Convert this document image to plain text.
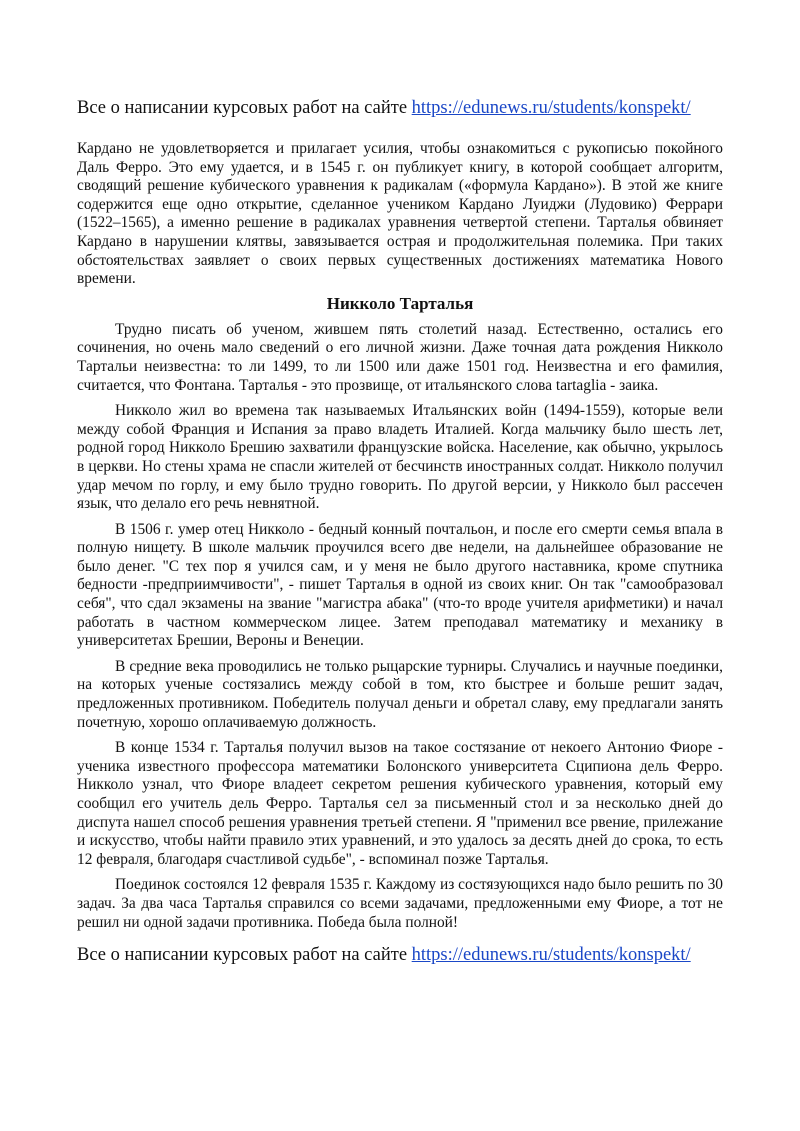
Все о написании курсовых работ на сайте https://edunews.ru/students/konspekt/

Кардано не удовлетворяется и прилагает усилия, чтобы ознакомиться с рукописью покойного Даль Ферро. Это ему удается, и в 1545 г. он публикует книгу, в которой сообщает алгоритм, сводящий решение кубического уравнения к радикалам («формула Кардано»). В этой же книге содержится еще одно открытие, сделанное учеником Кардано Луиджи (Лудовико) Феррари (1522–1565), а именно решение в радикалах уравнения четвертой степени. Тарталья обвиняет Кардано в нарушении клятвы, завязывается острая и продолжительная полемика. При таких обстоятельствах заявляет о своих первых существенных достижениях математика Нового времени.

Никколо Тарталья

Трудно писать об ученом, жившем пять столетий назад. Естественно, остались его сочинения, но очень мало сведений о его личной жизни. Даже точная дата рождения Никколо Тартальи неизвестна: то ли 1499, то ли 1500 или даже 1501 год. Неизвестна и его фамилия, считается, что Фонтана. Тарталья - это прозвище, от итальянского слова tartaglia - заика.

Никколо жил во времена так называемых Итальянских войн (1494-1559), которые вели между собой Франция и Испания за право владеть Италией. Когда мальчику было шесть лет, родной город Никколо Брешию захватили французские войска. Население, как обычно, укрылось в церкви. Но стены храма не спасли жителей от бесчинств иностранных солдат. Никколо получил удар мечом по горлу, и ему было трудно говорить. По другой версии, у Никколо был рассечен язык, что делало его речь невнятной.

В 1506 г. умер отец Никколо - бедный конный почтальон, и после его смерти семья впала в полную нищету. В школе мальчик проучился всего две недели, на дальнейшее образование не было денег. "С тех пор я учился сам, и у меня не было другого наставника, кроме спутника бедности -предприимчивости", - пишет Тарталья в одной из своих книг. Он так "самообразовал себя", что сдал экзамены на звание "магистра абака" (что-то вроде учителя арифметики) и начал работать в частном коммерческом лицее. Затем преподавал математику и механику в университетах Брешии, Вероны и Венеции.

В средние века проводились не только рыцарские турниры. Случались и научные поединки, на которых ученые состязались между собой в том, кто быстрее и больше решит задач, предложенных противником. Победитель получал деньги и обретал славу, ему предлагали занять почетную, хорошо оплачиваемую должность.

В конце 1534 г. Тарталья получил вызов на такое состязание от некоего Антонио Фиоре - ученика известного профессора математики Болонского университета Сципиона дель Ферро. Никколо узнал, что Фиоре владеет секретом решения кубического уравнения, который ему сообщил его учитель дель Ферро. Тарталья сел за письменный стол и за несколько дней до диспута нашел способ решения уравнения третьей степени. Я "применил все рвение, прилежание и искусство, чтобы найти правило этих уравнений, и это удалось за десять дней до срока, то есть 12 февраля, благодаря счастливой судьбе", - вспоминал позже Тарталья.

Поединок состоялся 12 февраля 1535 г. Каждому из состязующихся надо было решить по 30 задач. За два часа Тарталья справился со всеми задачами, предложенными ему Фиоре, а тот не решил ни одной задачи противника. Победа была полной!

Все о написании курсовых работ на сайте https://edunews.ru/students/konspekt/
